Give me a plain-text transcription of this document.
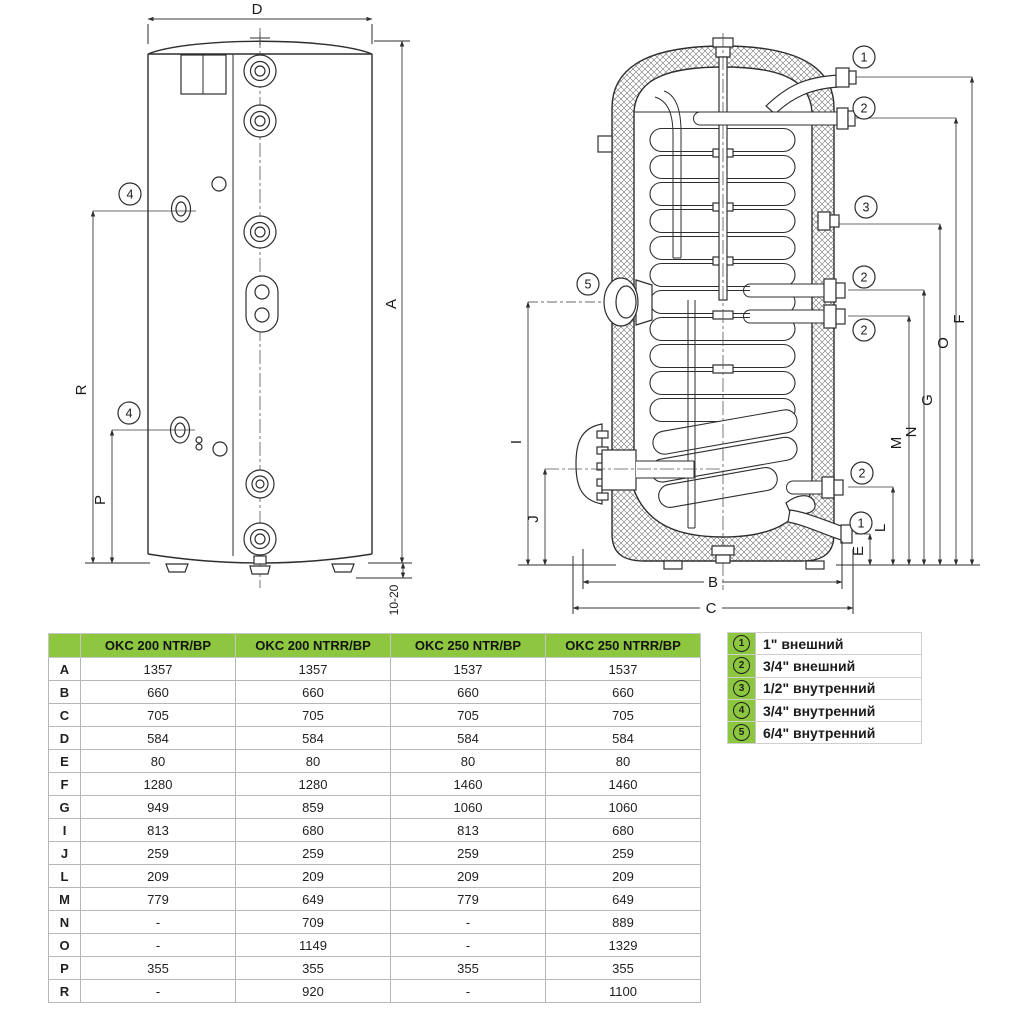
D
4
4
R
P
A
10-20
I
J
E
L
M
N
G
O
F
B
C
1
2
3
2
2
2
1
5
	OKC 200 NTR/BP	OKC 200 NTRR/BP	OKC 250 NTR/BP	OKC 250 NTRR/BP
A	1357	1357	1537	1537
B	660	660	660	660
C	705	705	705	705
D	584	584	584	584
E	80	80	80	80
F	1280	1280	1460	1460
G	949	859	1060	1060
I	813	680	813	680
J	259	259	259	259
L	209	209	209	209
M	779	649	779	649
N	-	709	-	889
O	-	1149	-	1329
P	355	355	355	355
R	-	920	-	1100
1	1" внешний
2	3/4" внешний
3	1/2" внутренний
4	3/4" внутренний
5	6/4" внутренний
